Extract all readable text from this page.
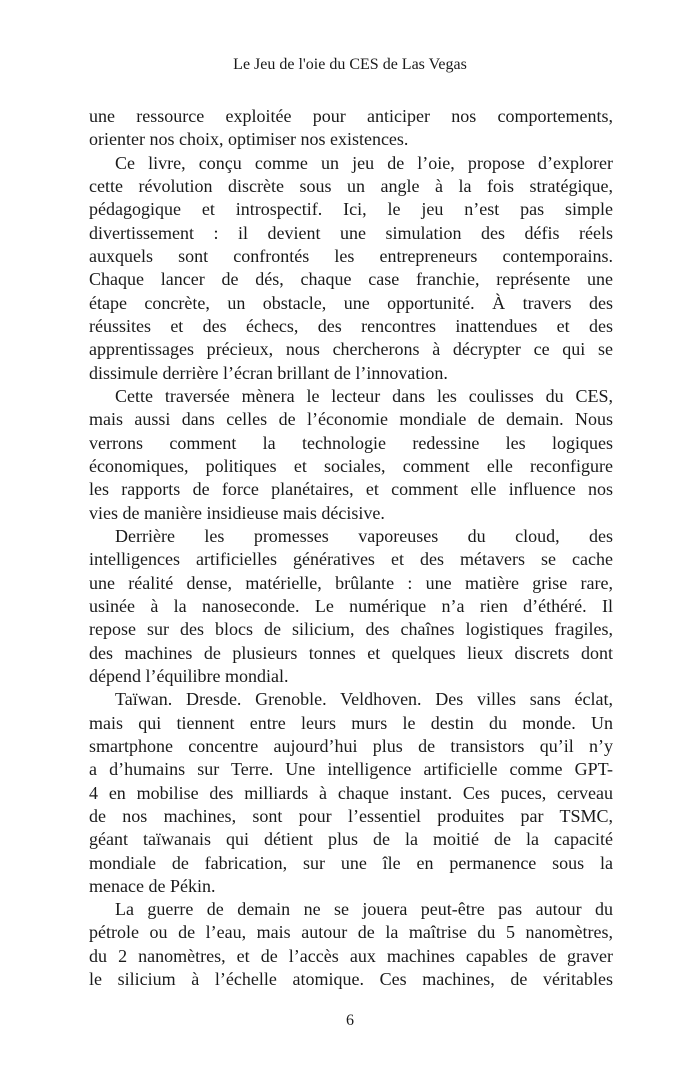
Le Jeu de l'oie du CES de Las Vegas
une ressource exploitée pour anticiper nos comportements,
orienter nos choix, optimiser nos existences.
Ce livre, conçu comme un jeu de l’oie, propose d’explorer
cette révolution discrète sous un angle à la fois stratégique,
pédagogique et introspectif. Ici, le jeu n’est pas simple
divertissement : il devient une simulation des défis réels
auxquels sont confrontés les entrepreneurs contemporains.
Chaque lancer de dés, chaque case franchie, représente une
étape concrète, un obstacle, une opportunité. À travers des
réussites et des échecs, des rencontres inattendues et des
apprentissages précieux, nous chercherons à décrypter ce qui se
dissimule derrière l’écran brillant de l’innovation.
Cette traversée mènera le lecteur dans les coulisses du CES,
mais aussi dans celles de l’économie mondiale de demain. Nous
verrons comment la technologie redessine les logiques
économiques, politiques et sociales, comment elle reconfigure
les rapports de force planétaires, et comment elle influence nos
vies de manière insidieuse mais décisive.
Derrière les promesses vaporeuses du cloud, des
intelligences artificielles génératives et des métavers se cache
une réalité dense, matérielle, brûlante : une matière grise rare,
usinée à la nanoseconde. Le numérique n’a rien d’éthéré. Il
repose sur des blocs de silicium, des chaînes logistiques fragiles,
des machines de plusieurs tonnes et quelques lieux discrets dont
dépend l’équilibre mondial.
Taïwan. Dresde. Grenoble. Veldhoven. Des villes sans éclat,
mais qui tiennent entre leurs murs le destin du monde. Un
smartphone concentre aujourd’hui plus de transistors qu’il n’y
a d’humains sur Terre. Une intelligence artificielle comme GPT-
4 en mobilise des milliards à chaque instant. Ces puces, cerveau
de nos machines, sont pour l’essentiel produites par TSMC,
géant taïwanais qui détient plus de la moitié de la capacité
mondiale de fabrication, sur une île en permanence sous la
menace de Pékin.
La guerre de demain ne se jouera peut-être pas autour du
pétrole ou de l’eau, mais autour de la maîtrise du 5 nanomètres,
du 2 nanomètres, et de l’accès aux machines capables de graver
le silicium à l’échelle atomique. Ces machines, de véritables
6
